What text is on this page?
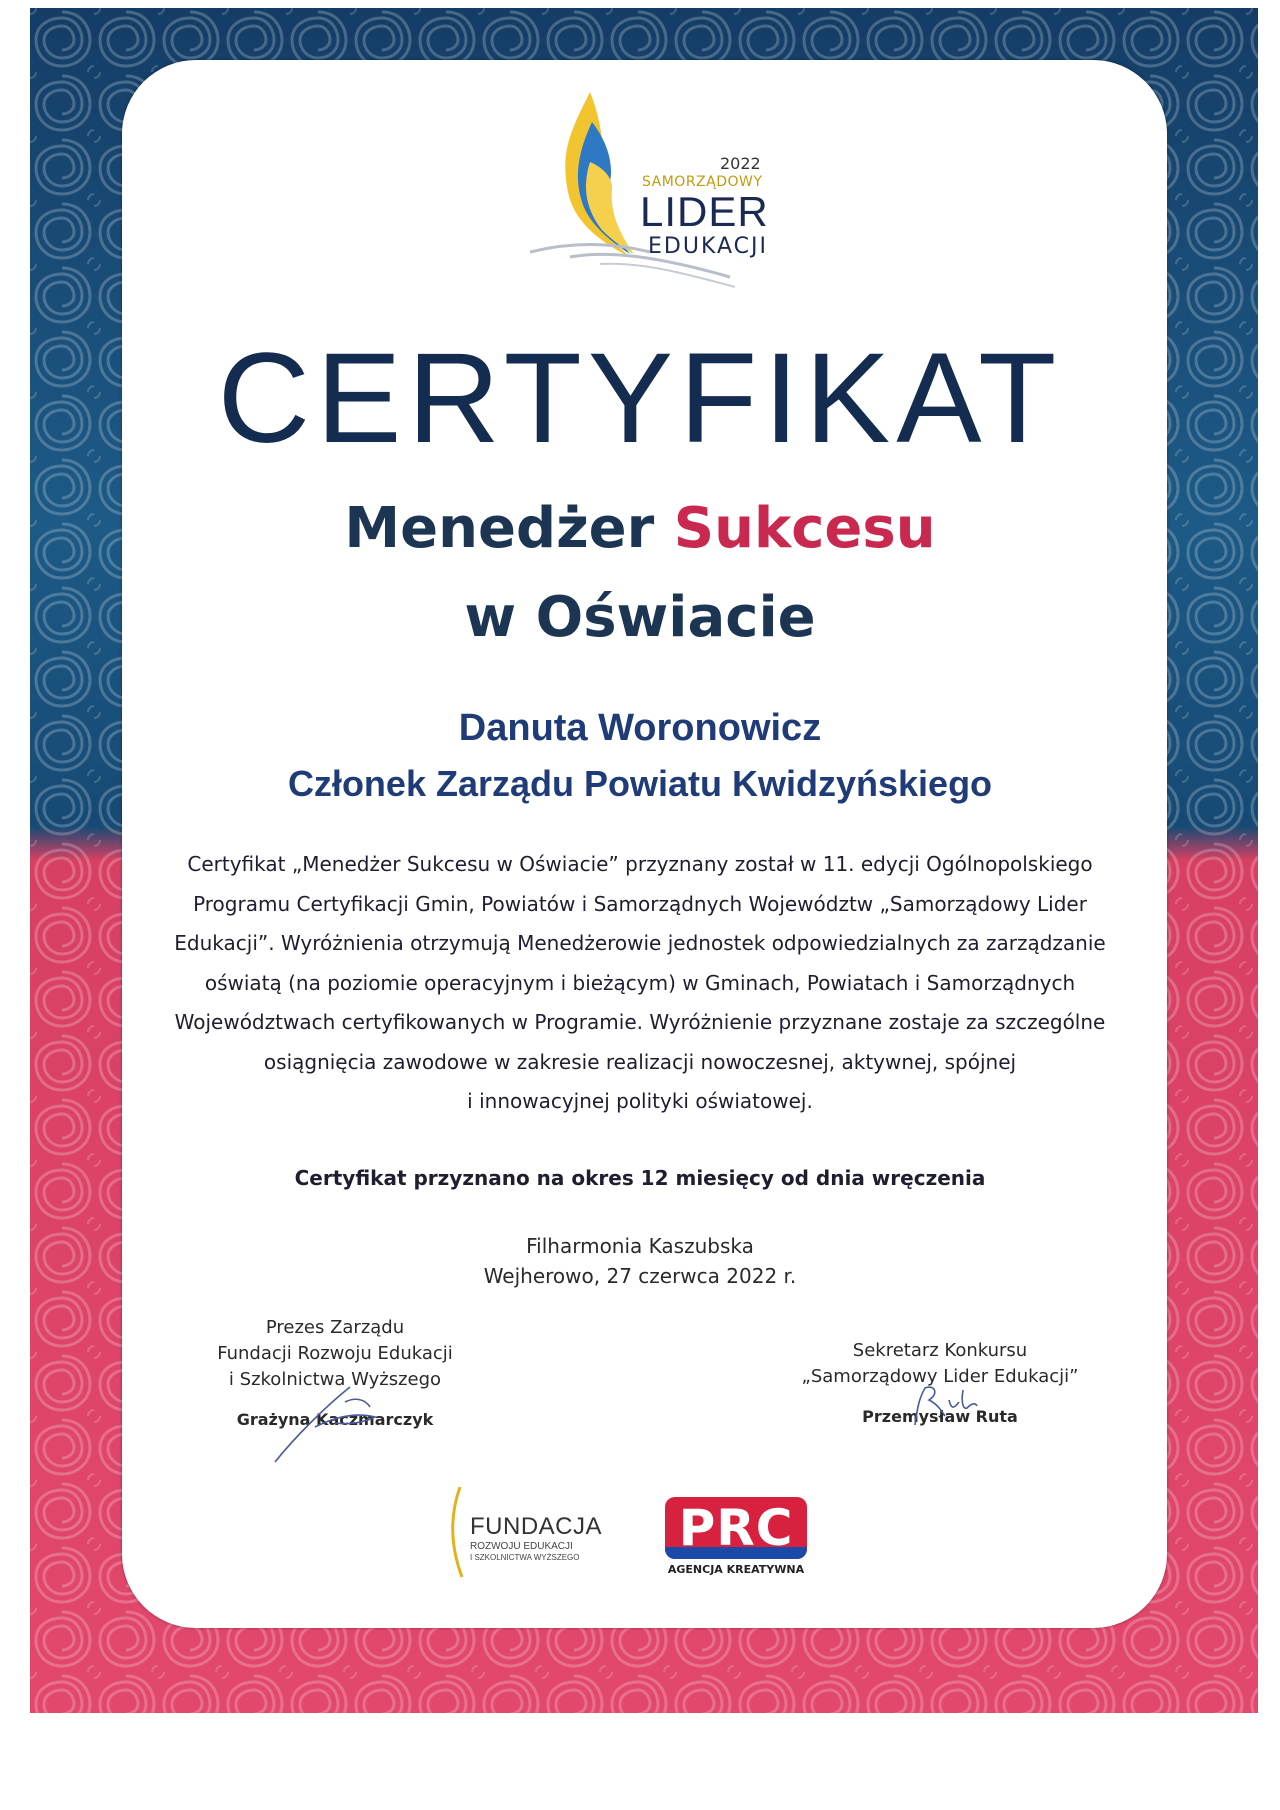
2022
SAMORZĄDOWY
LIDER
EDUKACJI
CERTYFIKAT
Menedżer Sukcesu
w Oświacie
Danuta Woronowicz
Członek Zarządu Powiatu Kwidzyńskiego
Certyfikat „Menedżer Sukcesu w Oświacie” przyznany został w 11. edycji Ogólnopolskiego
Programu Certyfikacji Gmin, Powiatów i Samorządnych Województw „Samorządowy Lider
Edukacji”. Wyróżnienia otrzymują Menedżerowie jednostek odpowiedzialnych za zarządzanie
oświatą (na poziomie operacyjnym i bieżącym) w Gminach, Powiatach i Samorządnych
Województwach certyfikowanych w Programie. Wyróżnienie przyznane zostaje za szczególne
osiągnięcia zawodowe w zakresie realizacji nowoczesnej, aktywnej, spójnej
i innowacyjnej polityki oświatowej.
Certyfikat przyznano na okres 12 miesięcy od dnia wręczenia
Filharmonia Kaszubska
Wejherowo, 27 czerwca 2022 r.
Prezes Zarządu
Fundacji Rozwoju Edukacji
i Szkolnictwa Wyższego
Grażyna Kaczmarczyk
Sekretarz Konkursu
„Samorządowy Lider Edukacji”
Przemysław Ruta
FUNDACJA
ROZWOJU EDUKACJI
I SZKOLNICTWA WYŻSZEGO
PRC
AGENCJA KREATYWNA
